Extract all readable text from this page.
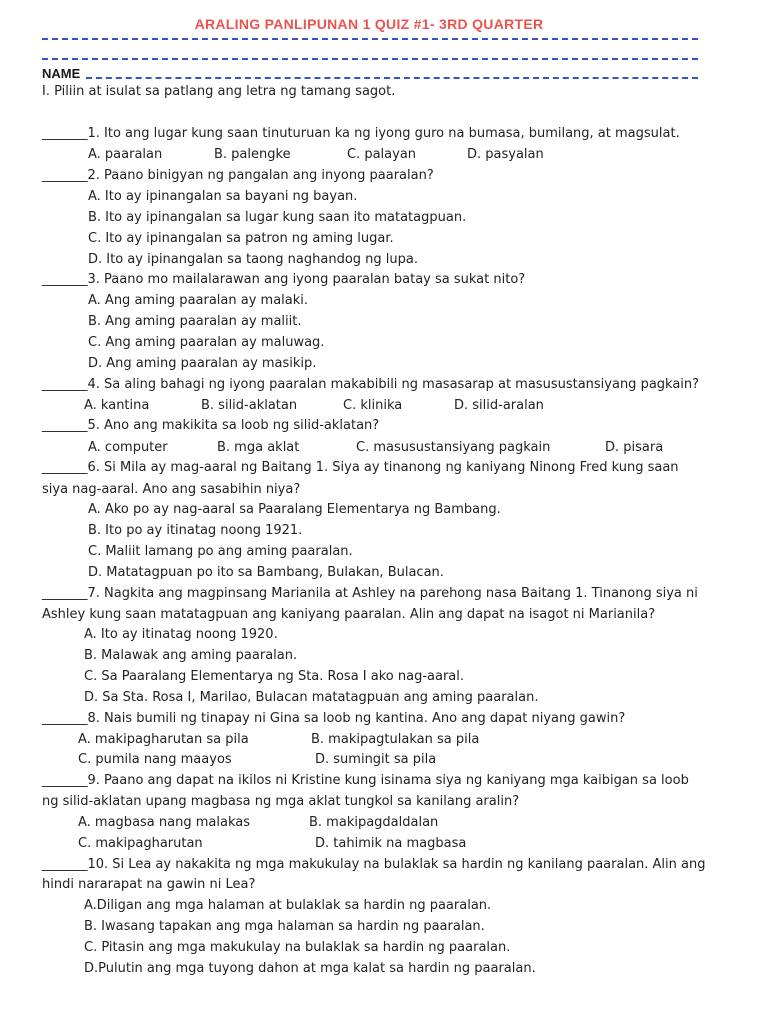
ARALING PANLIPUNAN 1 QUIZ #1- 3RD QUARTER
NAME
I. Piliin at isulat sa patlang ang letra ng tamang sagot.
_______1. Ito ang lugar kung saan tinuturuan ka ng iyong guro na bumasa, bumilang, at magsulat.
A. paaralan	B. palengke	C. palayan	D. pasyalan
_______2. Paano binigyan ng pangalan ang inyong paaralan?
A. Ito ay ipinangalan sa bayani ng bayan.
B. Ito ay ipinangalan sa lugar kung saan ito matatagpuan.
C. Ito ay ipinangalan sa patron ng aming lugar.
D. Ito ay ipinangalan sa taong naghandog ng lupa.
_______3. Paano mo mailalarawan ang iyong paaralan batay sa sukat nito?
A. Ang aming paaralan ay malaki.
B. Ang aming paaralan ay maliit.
C. Ang aming paaralan ay maluwag.
D. Ang aming paaralan ay masikip.
_______4. Sa aling bahagi ng iyong paaralan makabibili ng masasarap at masusustansiyang pagkain?
A. kantina	B. silid-aklatan	C. klinika	D. silid-aralan
_______5. Ano ang makikita sa loob ng silid-aklatan?
A. computer	B. mga aklat	C. masusustansiyang pagkain	D. pisara
_______6. Si Mila ay mag-aaral ng Baitang 1. Siya ay tinanong ng kaniyang Ninong Fred kung saan
siya nag-aaral. Ano ang sasabihin niya?
A. Ako po ay nag-aaral sa Paaralang Elementarya ng Bambang.
B. Ito po ay itinatag noong 1921.
C. Maliit lamang po ang aming paaralan.
D. Matatagpuan po ito sa Bambang, Bulakan, Bulacan.
_______7. Nagkita ang magpinsang Marianila at Ashley na parehong nasa Baitang 1. Tinanong siya ni
Ashley kung saan matatagpuan ang kaniyang paaralan. Alin ang dapat na isagot ni Marianila?
A. Ito ay itinatag noong 1920.
B. Malawak ang aming paaralan.
C. Sa Paaralang Elementarya ng Sta. Rosa I ako nag-aaral.
D. Sa Sta. Rosa I, Marilao, Bulacan matatagpuan ang aming paaralan.
_______8. Nais bumili ng tinapay ni Gina sa loob ng kantina. Ano ang dapat niyang gawin?
A. makipagharutan sa pila	B. makipagtulakan sa pila
C. pumila nang maayos	D. sumingit sa pila
_______9. Paano ang dapat na ikilos ni Kristine kung isinama siya ng kaniyang mga kaibigan sa loob
ng silid-aklatan upang magbasa ng mga aklat tungkol sa kanilang aralin?
A. magbasa nang malakas	B. makipagdaldalan
C. makipagharutan	D. tahimik na magbasa
_______10. Si Lea ay nakakita ng mga makukulay na bulaklak sa hardin ng kanilang paaralan. Alin ang
hindi nararapat na gawin ni Lea?
A.Diligan ang mga halaman at bulaklak sa hardin ng paaralan.
B. Iwasang tapakan ang mga halaman sa hardin ng paaralan.
C. Pitasin ang mga makukulay na bulaklak sa hardin ng paaralan.
D.Pulutin ang mga tuyong dahon at mga kalat sa hardin ng paaralan.
